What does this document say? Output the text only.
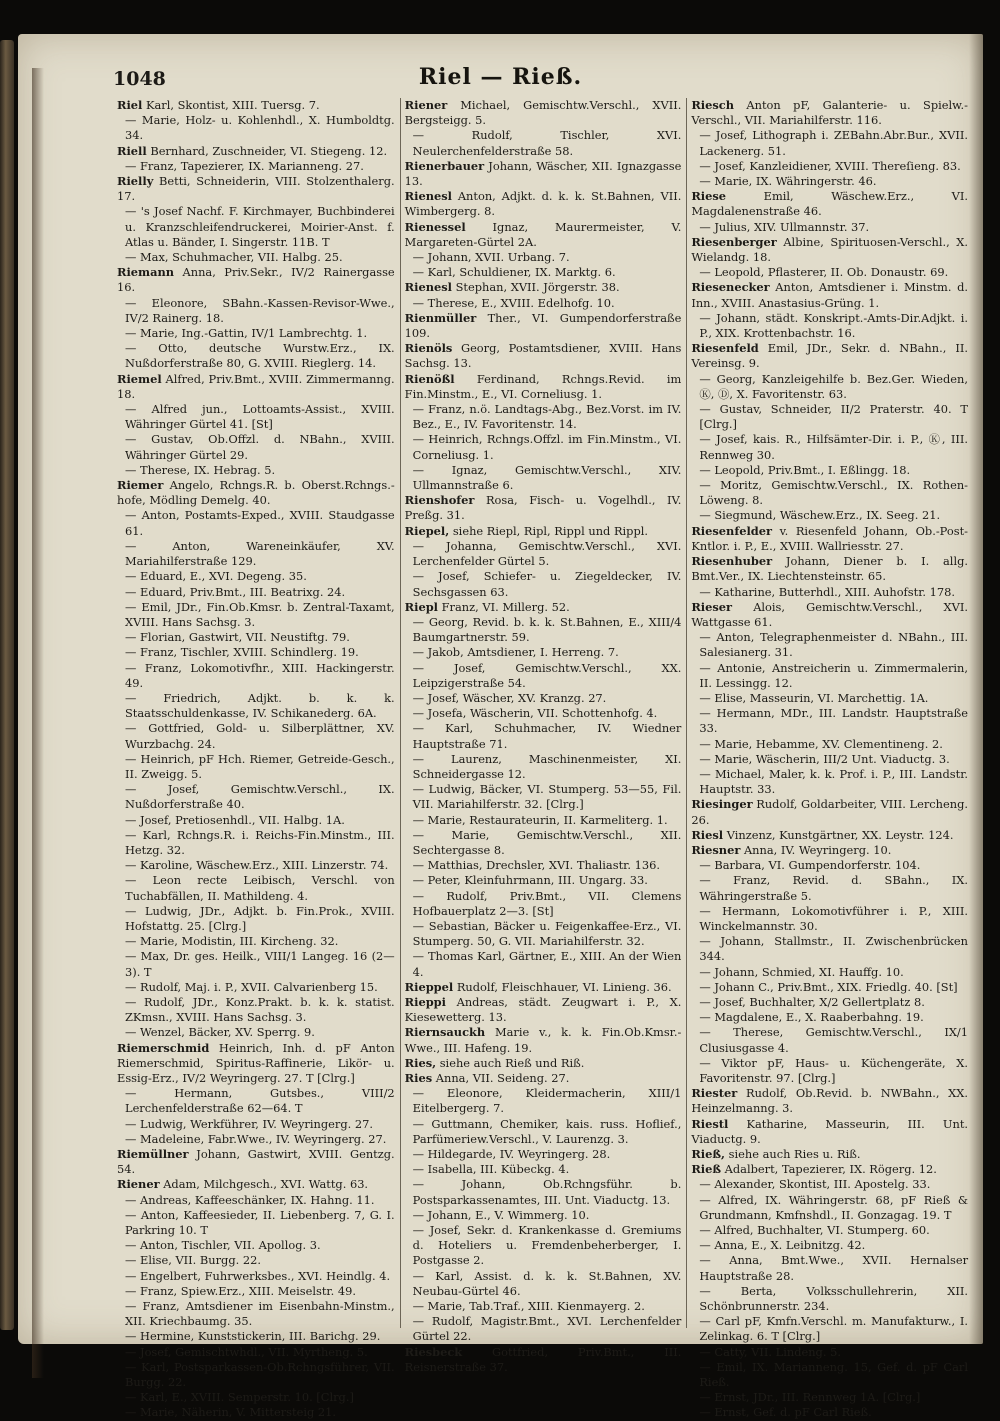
1048	Riel — Rieß.

Riel Karl, Skontist, XIII. Tuersg. 7.

— Marie, Holz- u. Kohlenhdl., X. Humboldtg. 34.

Riell Bernhard, Zuschneider, VI. Stiegeng. 12.

— Franz, Tapezierer, IX. Marianneng. 27.

Rielly Betti, Schneiderin, VIII. Stolzenthalerg. 17.

— 's Josef Nachf. F. Kirchmayer, Buchbinderei u. Kranzschleifendruckerei, Moirier-Anst. f. Atlas u. Bänder, I. Singerstr. 11B. T

— Max, Schuhmacher, VII. Halbg. 25.

Riemann Anna, Priv.Sekr., IV/2 Rainergasse 16.

— Eleonore, SBahn.-Kassen-Revisor-Wwe., IV/2 Rainerg. 18.

— Marie, Ing.-Gattin, IV/1 Lambrechtg. 1.

— Otto, deutsche Wurstw.Erz., IX. Nußdorferstraße 80, G. XVIII. Rieglerg. 14.

Riemel Alfred, Priv.Bmt., XVIII. Zimmermanng. 18.

— Alfred jun., Lottoamts-Assist., XVIII. Währinger Gürtel 41. [St]

— Gustav, Ob.Offzl. d. NBahn., XVIII. Währinger Gürtel 29.

— Therese, IX. Hebrag. 5.

Riemer Angelo, Rchngs.R. b. Oberst.Rchngs.-hofe, Mödling Demelg. 40.

— Anton, Postamts-Exped., XVIII. Staudgasse 61.

— Anton, Wareneinkäufer, XV. Mariahilferstraße 129.

— Eduard, E., XVI. Degeng. 35.

— Eduard, Priv.Bmt., III. Beatrixg. 24.

— Emil, JDr., Fin.Ob.Kmsr. b. Zentral-Taxamt, XVIII. Hans Sachsg. 3.

— Florian, Gastwirt, VII. Neustiftg. 79.

— Franz, Tischler, XVIII. Schindlerg. 19.

— Franz, Lokomotivfhr., XIII. Hackingerstr. 49.

— Friedrich, Adjkt. b. k. k. Staatsschuldenkasse, IV. Schikanederg. 6A.

— Gottfried, Gold- u. Silberplättner, XV. Wurzbachg. 24.

— Heinrich, pF Hch. Riemer, Getreide-Gesch., II. Zweigg. 5.

— Josef, Gemischtw.Verschl., IX. Nußdorferstraße 40.

— Josef, Pretiosenhdl., VII. Halbg. 1A.

— Karl, Rchngs.R. i. Reichs-Fin.Minstm., III. Hetzg. 32.

— Karoline, Wäschew.Erz., XIII. Linzerstr. 74.

— Leon recte Leibisch, Verschl. von Tuchabfällen, II. Mathildeng. 4.

— Ludwig, JDr., Adjkt. b. Fin.Prok., XVIII. Hofstattg. 25. [Clrg.]

— Marie, Modistin, III. Kircheng. 32.

— Max, Dr. ges. Heilk., VIII/1 Langeg. 16 (2—3). T

— Rudolf, Maj. i. P., XVII. Calvarienberg 15.

— Rudolf, JDr., Konz.Prakt. b. k. k. statist. ZKmsn., XVIII. Hans Sachsg. 3.

— Wenzel, Bäcker, XV. Sperrg. 9.

Riemerschmid Heinrich, Inh. d. pF Anton Riemerschmid, Spiritus-Raffinerie, Likör- u. Essig-Erz., IV/2 Weyringerg. 27. T [Clrg.]

— Hermann, Gutsbes., VIII/2 Lerchenfelderstraße 62—64. T

— Ludwig, Werkführer, IV. Weyringerg. 27.

— Madeleine, Fabr.Wwe., IV. Weyringerg. 27.

Riemüllner Johann, Gastwirt, XVIII. Gentzg. 54.

Riener Adam, Milchgesch., XVI. Wattg. 63.

— Andreas, Kaffeeschänker, IX. Hahng. 11.

— Anton, Kaffeesieder, II. Liebenberg. 7, G. I. Parkring 10. T

— Anton, Tischler, VII. Apollog. 3.

— Elise, VII. Burgg. 22.

— Engelbert, Fuhrwerksbes., XVI. Heindlg. 4.

— Franz, Spiew.Erz., XIII. Meiselstr. 49.

— Franz, Amtsdiener im Eisenbahn-Minstm., XII. Kriechbaumg. 35.

— Hermine, Kunststickerin, III. Barichg. 29.

— Josef, Gemischtwhdl., VII. Myrtheng. 5.

— Karl, Postsparkassen-Ob.Rchngsführer, VII. Burgg. 22.

— Karl, E., XVIII. Semperstr. 10. [Clrg.]

— Marie, Näherin, V. Mittersteig 21.

Riener Michael, Gemischtw.Verschl., XVII. Bergsteigg. 5.

— Rudolf, Tischler, XVI. Neulerchenfelderstraße 58.

Rienerbauer Johann, Wäscher, XII. Ignazgasse 13.

Rienesl Anton, Adjkt. d. k. k. St.Bahnen, VII. Wimbergerg. 8.

Rienessel Ignaz, Maurermeister, V. Margareten-Gürtel 2A.

— Johann, XVII. Urbang. 7.

— Karl, Schuldiener, IX. Marktg. 6.

Rienesl Stephan, XVII. Jörgerstr. 38.

— Therese, E., XVIII. Edelhofg. 10.

Rienmüller Ther., VI. Gumpendorferstraße 109.

Rienöls Georg, Postamtsdiener, XVIII. Hans Sachsg. 13.

Rienößl Ferdinand, Rchngs.Revid. im Fin.Minstm., E., VI. Corneliusg. 1.

— Franz, n.ö. Landtags-Abg., Bez.Vorst. im IV. Bez., E., IV. Favoritenstr. 14.

— Heinrich, Rchngs.Offzl. im Fin.Minstm., VI. Corneliusg. 1.

— Ignaz, Gemischtw.Verschl., XIV. Ullmannstraße 6.

Rienshofer Rosa, Fisch- u. Vogelhdl., IV. Preßg. 31.

Riepel, siehe Riepl, Ripl, Rippl und Rippl.

— Johanna, Gemischtw.Verschl., XVI. Lerchenfelder Gürtel 5.

— Josef, Schiefer- u. Ziegeldecker, IV. Sechsgassen 63.

Riepl Franz, VI. Millerg. 52.

— Georg, Revid. b. k. k. St.Bahnen, E., XIII/4 Baumgartnerstr. 59.

— Jakob, Amtsdiener, I. Herreng. 7.

— Josef, Gemischtw.Verschl., XX. Leipzigerstraße 54.

— Josef, Wäscher, XV. Kranzg. 27.

— Josefa, Wäscherin, VII. Schottenhofg. 4.

— Karl, Schuhmacher, IV. Wiedner Hauptstraße 71.

— Laurenz, Maschinenmeister, XI. Schneidergasse 12.

— Ludwig, Bäcker, VI. Stumperg. 53—55, Fil. VII. Mariahilferstr. 32. [Clrg.]

— Marie, Restaurateurin, II. Karmeliterg. 1.

— Marie, Gemischtw.Verschl., XII. Sechtergasse 8.

— Matthias, Drechsler, XVI. Thaliastr. 136.

— Peter, Kleinfuhrmann, III. Ungarg. 33.

— Rudolf, Priv.Bmt., VII. Clemens Hofbauerplatz 2—3. [St]

— Sebastian, Bäcker u. Feigenkaffee-Erz., VI. Stumperg. 50, G. VII. Mariahilferstr. 32.

— Thomas Karl, Gärtner, E., XIII. An der Wien 4.

Rieppel Rudolf, Fleischhauer, VI. Linieng. 36.

Rieppi Andreas, städt. Zeugwart i. P., X. Kiesewetterg. 13.

Riernsauckh Marie v., k. k. Fin.Ob.Kmsr.-Wwe., III. Hafeng. 19.

Ries, siehe auch Rieß und Riß.

Ries Anna, VII. Seideng. 27.

— Eleonore, Kleidermacherin, XIII/1 Eitelbergerg. 7.

— Guttmann, Chemiker, kais. russ. Hoflief., Parfümeriew.Verschl., V. Laurenzg. 3.

— Hildegarde, IV. Weyringerg. 28.

— Isabella, III. Kübeckg. 4.

— Johann, Ob.Rchngsführ. b. Postsparkassenamtes, III. Unt. Viaductg. 13.

— Johann, E., V. Wimmerg. 10.

— Josef, Sekr. d. Krankenkasse d. Gremiums d. Hoteliers u. Fremdenbeherberger, I. Postgasse 2.

— Karl, Assist. d. k. k. St.Bahnen, XV. Neubau-Gürtel 46.

— Marie, Tab.Traf., XIII. Kienmayerg. 2.

— Rudolf, Magistr.Bmt., XVI. Lerchenfelder Gürtel 22.

Riesbeck Gottfried, Priv.Bmt., III. Reisnerstraße 37.

Riesch Anton pF, Galanterie- u. Spielw.-Verschl., VII. Mariahilferstr. 116.

— Josef, Lithograph i. ZEBahn.Abr.Bur., XVII. Lackenerg. 51.

— Josef, Kanzleidiener, XVIII. Thereſieng. 83.

— Marie, IX. Währingerstr. 46.

Riese Emil, Wäschew.Erz., VI. Magdalenenstraße 46.

— Julius, XIV. Ullmannstr. 37.

Riesenberger Albine, Spirituosen-Verschl., X. Wielandg. 18.

— Leopold, Pflasterer, II. Ob. Donaustr. 69.

Riesenecker Anton, Amtsdiener i. Minstm. d. Inn., XVIII. Anastasius-Grüng. 1.

— Johann, städt. Konskript.-Amts-Dir.Adjkt. i. P., XIX. Krottenbachstr. 16.

Riesenfeld Emil, JDr., Sekr. d. NBahn., II. Vereinsg. 9.

— Georg, Kanzleigehilfe b. Bez.Ger. Wieden, Ⓚ, Ⓓ, X. Favoritenstr. 63.

— Gustav, Schneider, II/2 Praterstr. 40. T [Clrg.]

— Josef, kais. R., Hilfsämter-Dir. i. P., Ⓚ, III. Rennweg 30.

— Leopold, Priv.Bmt., I. Eßlingg. 18.

— Moritz, Gemischtw.Verschl., IX. Rothen-Löweng. 8.

— Siegmund, Wäschew.Erz., IX. Seeg. 21.

Riesenfelder v. Riesenfeld Johann, Ob.-Post-Kntlor. i. P., E., XVIII. Wallriesstr. 27.

Riesenhuber Johann, Diener b. I. allg. Bmt.Ver., IX. Liechtensteinstr. 65.

— Katharine, Butterhdl., XIII. Auhofstr. 178.

Rieser Alois, Gemischtw.Verschl., XVI. Wattgasse 61.

— Anton, Telegraphenmeister d. NBahn., III. Salesianerg. 31.

— Antonie, Anstreicherin u. Zimmermalerin, II. Lessingg. 12.

— Elise, Masseurin, VI. Marchettig. 1A.

— Hermann, MDr., III. Landstr. Hauptstraße 33.

— Marie, Hebamme, XV. Clementineng. 2.

— Marie, Wäscherin, III/2 Unt. Viaductg. 3.

— Michael, Maler, k. k. Prof. i. P., III. Landstr. Hauptstr. 33.

Riesinger Rudolf, Goldarbeiter, VIII. Lercheng. 26.

Riesl Vinzenz, Kunstgärtner, XX. Leystr. 124.

Riesner Anna, IV. Weyringerg. 10.

— Barbara, VI. Gumpendorferstr. 104.

— Franz, Revid. d. SBahn., IX. Währingerstraße 5.

— Hermann, Lokomotivführer i. P., XIII. Winckelmannstr. 30.

— Johann, Stallmstr., II. Zwischenbrücken 344.

— Johann, Schmied, XI. Hauffg. 10.

— Johann C., Priv.Bmt., XIX. Friedlg. 40. [St]

— Josef, Buchhalter, X/2 Gellertplatz 8.

— Magdalene, E., X. Raaberbahng. 19.

— Therese, Gemischtw.Verschl., IX/1 Clusiusgasse 4.

— Viktor pF, Haus- u. Küchengeräte, X. Favoritenstr. 97. [Clrg.]

Riester Rudolf, Ob.Revid. b. NWBahn., XX. Heinzelmanng. 3.

Riestl Katharine, Masseurin, III. Unt. Viaductg. 9.

Rieß, siehe auch Ries u. Riß.

Rieß Adalbert, Tapezierer, IX. Rögerg. 12.

— Alexander, Skontist, III. Apostelg. 33.

— Alfred, IX. Währingerstr. 68, pF Rieß & Grundmann, Kmfnshdl., II. Gonzagag. 19. T

— Alfred, Buchhalter, VI. Stumperg. 60.

— Anna, E., X. Leibnitzg. 42.

— Anna, Bmt.Wwe., XVII. Hernalser Hauptstraße 28.

— Berta, Volksschullehrerin, XII. Schönbrunnerstr. 234.

— Carl pF, Kmfn.Verschl. m. Manufakturw., I. Zelinkag. 6. T [Clrg.]

— Catty, VII. Lindeng. 5.

— Emil, IX. Marianneng. 15, Gef. d. pF Carl Rieß.

— Ernst, JDr., III. Rennweg 1A. [Clrg.]

— Ernst, Gef. d. pF Carl Rieß.
